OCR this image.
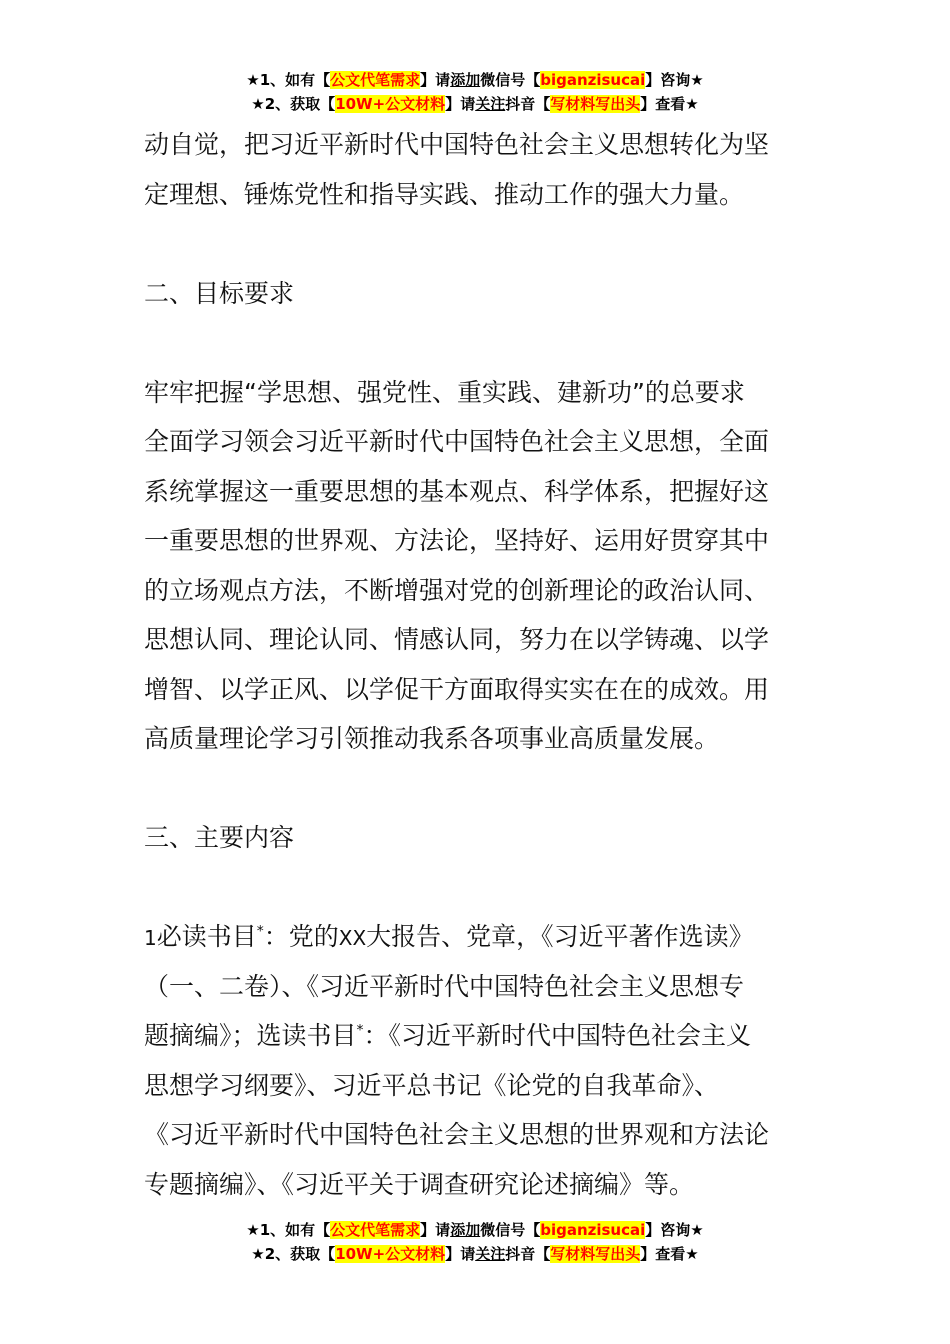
★1、如有【公文代笔需求】请添加微信号【biganzisucai】咨询★
★2、获取【10W+公文材料】请关注抖音【写材料写出头】查看★
动自觉，把习近平新时代中国特色社会主义思想转化为坚
定理想、锤炼党性和指导实践、推动工作的强大力量。
二、目标要求
牢牢把握“学思想、强党性、重实践、建新功”的总要求
全面学习领会习近平新时代中国特色社会主义思想，全面
系统掌握这一重要思想的基本观点、科学体系，把握好这
一重要思想的世界观、方法论，坚持好、运用好贯穿其中
的立场观点方法，不断增强对党的创新理论的政治认同、
思想认同、理论认同、情感认同，努力在以学铸魂、以学
增智、以学正风、以学促干方面取得实实在在的成效。用
高质量理论学习引领推动我系各项事业高质量发展。
三、主要内容
1必读书目*：党的XX大报告、党章，《习近平著作选读》
（一、二卷）、《习近平新时代中国特色社会主义思想专
题摘编》；选读书目*：《习近平新时代中国特色社会主义
思想学习纲要》、习近平总书记《论党的自我革命》、
《习近平新时代中国特色社会主义思想的世界观和方法论
专题摘编》、《习近平关于调查研究论述摘编》等。
★1、如有【公文代笔需求】请添加微信号【biganzisucai】咨询★
★2、获取【10W+公文材料】请关注抖音【写材料写出头】查看★
